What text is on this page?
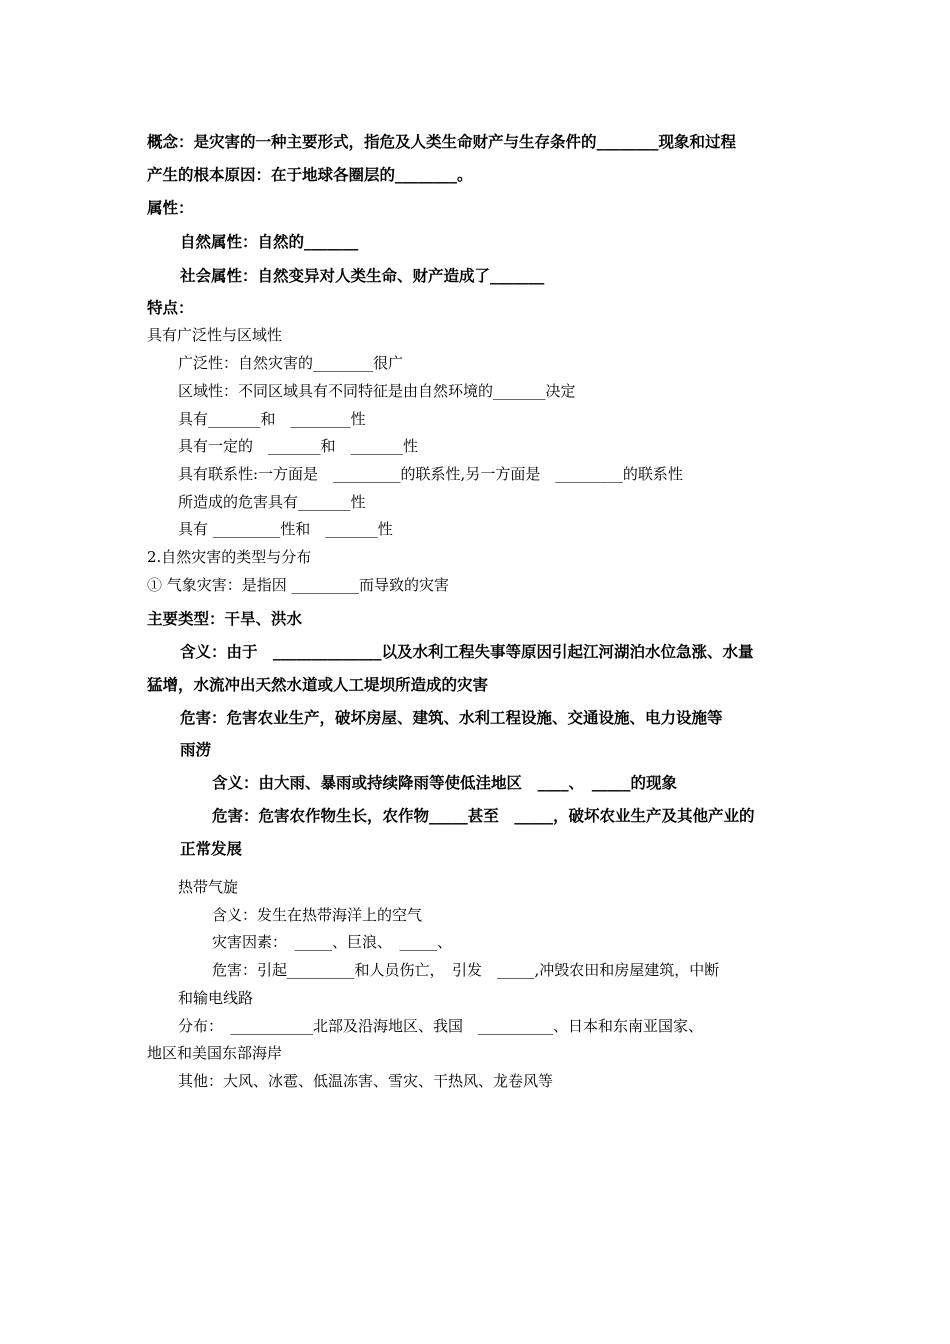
概念：是灾害的一种主要形式，指危及人类生命财产与生存条件的________现象和过程
产生的根本原因：在于地球各圈层的________。
属性：
自然属性：自然的_______
社会属性：自然变异对人类生命、财产造成了_______
特点：
具有广泛性与区域性
广泛性：自然灾害的________很广
区域性：不同区域具有不同特征是由自然环境的_______决定
具有_______和　________性
具有一定的　_______和　_______性
具有联系性:一方面是　_________的联系性,另一方面是　_________的联系性
所造成的危害具有_______性
具有 _________性和　_______性
2.自然灾害的类型与分布
① 气象灾害：是指因 _________而导致的灾害
主要类型：干旱、洪水
含义：由于　______________以及水利工程失事等原因引起江河湖泊水位急涨、水量
猛增，水流冲出天然水道或人工堤坝所造成的灾害
危害：危害农业生产，破坏房屋、建筑、水利工程设施、交通设施、电力设施等
雨涝
含义：由大雨、暴雨或持续降雨等使低洼地区　____、　_____的现象
危害：危害农作物生长，农作物_____甚至　_____，破坏农业生产及其他产业的
正常发展
热带气旋
含义：发生在热带海洋上的空气
灾害因素：　_____、巨浪、　_____、
危害：引起_________和人员伤亡，　引发　_____,冲毁农田和房屋建筑，中断
和输电线路
分布：　___________北部及沿海地区、我国　__________、日本和东南亚国家、
地区和美国东部海岸
其他：大风、冰雹、低温冻害、雪灾、干热风、龙卷风等
